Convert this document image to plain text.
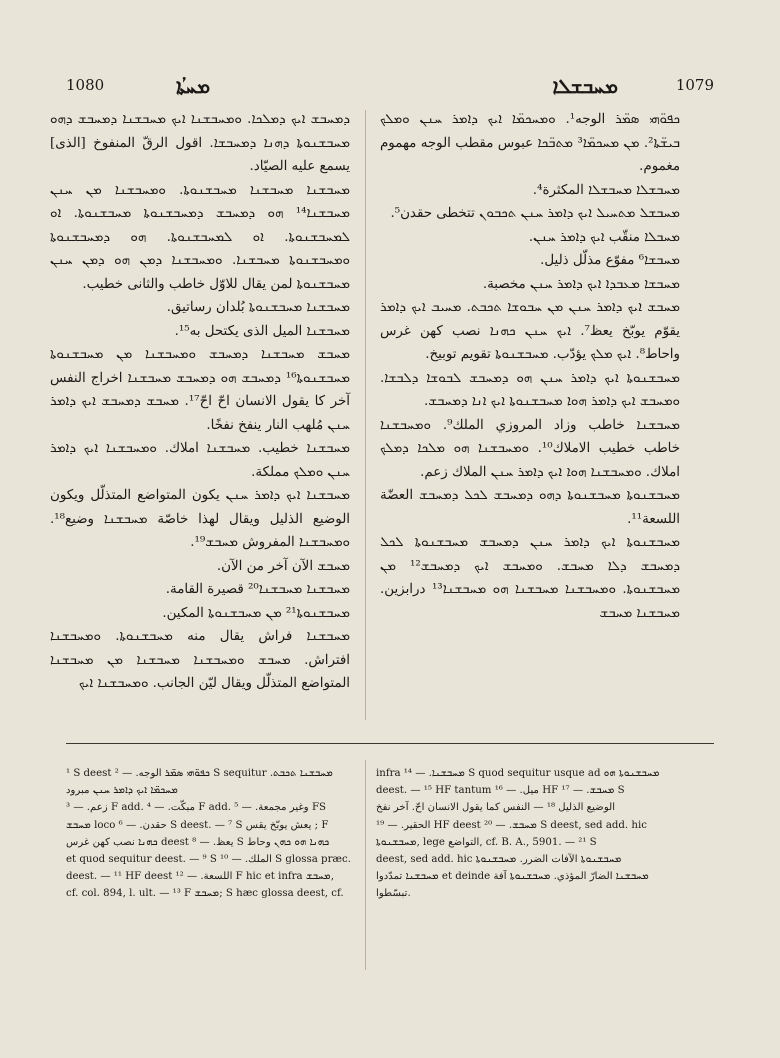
1080	ܡܚܬܳܐ	ܡܚܒܫܠܐ	1079

ܕܡܚܒܫ ܐܝܟ ܕܡܠܟܐ. ܘܡܚܒܫܢܐ ܐܝܟ ܡܚܒܫܢܐ ܕܡܚܒܫ ܕܗܘ ܡܚܒܫܢܘܬܐ ܕܗܢܐ ܕܡܚܒܫܐ. اقول الرقّ المنفوخ [الذى] يسمع عليه الصيّاد.

ܡܚܒܫܢܐ ܡܚܒܫܢܐ ܡܚܒܫܢܘܬܐ. ܘܡܚܒܫܢܐ ܡܢ ܚܢܢ ܡܚܒܫܢܐ¹⁴ ܗܘ ܕܡܚܒܫ ܕܡܚܒܫܢܘܬܐ ܡܚܒܫܢܘܬܐ. ܐܘ ܠܡܚܒܫܢܘܬܐ. ܐܘ ܠܡܚܒܫܢܘܬܐ. ܗܘ ܕܡܚܒܫܢܘܬܐ ܘܡܚܒܫܢܘܬܐ ܡܚܒܫܢܐ. ܘܡܚܒܫܢܐ ܕܡܢ ܗܘ ܕܡܢ ܚܢܢ ܡܚܒܫܢܘܬܐ لمن يقال للاوّل خاطب والثانى خطيب.

ܡܚܒܫܢܐ ܡܚܒܫܢܘܬܐ بُلدان رساتيق.

ܡܚܒܫܢܐ الميل الذى يكتحل به¹⁵.

ܡܚܒܫ ܡܚܒܫܢܐ ܕܡܚܒܫ ܘܡܚܒܫܢܐ ܡܢ ܡܚܒܫܢܘܬܐ ܡܚܒܫܢܘܬܐ¹⁶ ܕܡܚܒܫ ܗܘ ܕܡܚܒܫ ܡܚܒܫܢܐ اخراج النفس آخر كا يقول الانسان احّ احّ¹⁷. ܡܚܒܫ ܕܡܚܒܫ ܐܝܟ ܕܐܡܪ ܚܢܢ مُلهب النار ينفخ نفخًا.

ܡܚܒܫܢܐ خطيب. ܡܚܒܫܢܐ املاك. ܘܡܚܒܫܢܐ ܐܝܟ ܕܐܡܪ ܚܢܢ ܘܡܠܟ مملكة.

ܡܚܒܫܢܐ ܐܝܟ ܕܐܡܪ ܚܢܢ يكون المتواضع المتذلّل ويكون الوضيع الذليل ويقال لهذا خاصّة ܡܚܒܫܢܐ وضيع¹⁸. ܘܡܚܒܫܢܐ المفروش ܡܚܒܫ¹⁹.

ܡܚܒܫ الآن آخر من الآن.

ܡܚܒܫܢܐ ܡܚܒܫܢܐ²⁰ قصيرة القامة.

ܡܚܒܫܢܘܬܐ²¹ ܡܢ ܡܚܒܫܢܘܬܐ المكين.

ܡܚܒܫܢܐ فراش يقال منه ܡܚܒܫܢܘܬܐ. ܘܡܚܒܫܢܐ افتراش. ܡܚܒܫ ܘܡܚܒܫܢܐ ܡܚܒܫܢܐ ܡܢ ܡܚܒܫܢܐ المتواضع المتذلّل ويقال ليّن الجانب. ܘܡܚܒܫܢܐ ܐܝܟ

ܟܦܘ̈ܗܝ ܣܡ̈ܪ الوجه¹. ܘܡܚܟܡ̈ܐ ܐܝܟ ܕܐܡܪ ܚܢܢ ܘܡܠܟ ܒܝܫ̈ܬܐ². ܡܢ ܡܚܟܡ̈ܐ³ ܡܬܒ̈ܟܐ عبوس مقطب الوجه مهموم مغموم.

ܡܚܒܫܠܐ ܡܚܒܫܠܐ المكثرة⁴.

ܡܚܒܫܠ ܡܬܚܝܠ ܐܝܟ ܕܐܡܪ ܚܢܢ ܬܟܒܘܢ تتخطى حقدن⁵.

ܡܚܒܠܐ منقّب ܐܝܟ ܕܐܡܪ ܚܢܢ.

ܡܚܒܫܐ⁶ مفوّع مذلّل ذليل.

ܡܚܒܫܐ ܡܥܒܕܐ ܐܝܟ ܕܐܡܪ ܚܢܢ مخصبة.

ܡܚܒܫ ܐܝܟ ܕܐܡܪ ܚܢܢ ܡܢ ܚܒܘܫܐ ܬܟܒܬ. ܡܚܝܒ ܐܝܟ ܕܐܡܪ يقوّم يوبّخ يعظ⁷. ܐܝܟ ܚܢܢ ܟܗܢܐ نصب كهن غرس واحاط⁸. ܐܝܟ ܡܠܟ يؤدّب. ܡܚܒܫܢܘܬܐ تقويم توبيخ.

ܡܚܒܫܢܘܬܐ ܐܝܟ ܕܐܡܪ ܚܢܢ ܗܘ ܕܡܚܒܫ ܠܒܘܫܐ ܕܠܒܫܐ. ܘܡܚܒܫ ܐܝܟ ܕܐܡܪ ܗܘܐ ܡܚܒܫܢܘܬܐ ܐܝܟ ܐܢܐ ܕܡܚܒܫ.

ܡܚܒܫܢܐ خاطب وزاد المروزي الملك⁹. ܘܡܚܒܫܢܐ خاطب خطيب الاملاك¹⁰. ܘܡܚܒܫܢܐ ܗܘ ܡܠܟܐ ܕܡܠܟ املاك. ܘܡܚܒܫܢܐ ܗܘܐ ܐܝܟ ܕܐܡܪ ܚܢܢ الملاك زعم.

ܡܚܒܫܢܘܬܐ ܡܚܒܫܢܘܬܐ ܕܗܘ ܕܡܚܒܫ ܠܟܠ ܕܡܚܒܫ العضّة اللسعة¹¹.

ܡܚܒܫܢܘܬܐ ܐܝܟ ܕܐܡܪ ܚܢܢ ܕܡܚܒܫ ܡܚܒܫܢܘܬܐ ܠܟܠ ܕܡܚܒܫ ܕܠܐ ܡܚܒܫ. ܘܡܚܒܫ ܐܝܟ ܕܡܚܒܫ¹² ܡܢ ܡܚܒܫܢܘܬܐ. ܘܡܚܒܫܢܐ ܡܚܒܫܢܐ ܗܘ ܡܚܒܫܢܐ¹³ درابزين. ܡܚܒܫܢܐ ܡܚܒܫ

¹ S deest ܟܦܘ̈ܗܝ ܣܡ̈ܪ الوجه. — ² S sequitur ܡܚܒܫܢܐ ܬܟܒܬ. ܡܚܟܡ̈ܐ ܐܝܟ ܕܐܡܪ ܚܢܢ مبرود

زعم. — ³ F add. مبكّت. — ⁴ F add. وغير مجمعة. — ⁵ FS

ܡܚܒܫ loco حقدن. — ⁶ S deest. — ⁷ S يعش يوبّخ يقس ; F

ܟܗܢܐ نصب كهن غرس deest يعظ. — ⁸ S ܟܗܢܐ ܗܘ ܟܗܢ وحاط

et quod sequitur deest. — ⁹ S الملك. — ¹⁰ S glossa præc.

deest. — ¹¹ HF deest اللسعة. — ¹² F hic et infra ܡܚܒܫ,

cf. col. 894, l. ult. — ¹³ F ܡܚܒܫ; S hæc glossa deest, cf.

infra ܡܚܒܫܢܐ. — ¹⁴ S quod sequitur usque ad ܡܚܒܫܢܘܬܐ ܗܘ

deest. — ¹⁵ HF tantum ميل. — ¹⁶ HF ܡܚܒܫ. — ¹⁷ S

الوضيع الذليل ¹⁸ — النفس كما يقول الانسان احّ. آخر نفخ

الحقير. — ¹⁹ HF deest ܡܚܒܫ. — ²⁰ S deest, sed add. hic

ܡܚܒܫܢܘܬܐ, lege التواضع, cf. B. A., 5901. — ²¹ S

deest, sed add. hic ܡܚܒܫܢܘܬܐ الآفات الضرر. ܡܚܒܫܢܘܬܐ

ܡܚܒܫܢܐ تمدّدوا et deinde ܡܚܒܫܢܐ الضارّ المؤذي. ܡܚܒܫܢܘܬܐ آفة

تبسّطوا.
